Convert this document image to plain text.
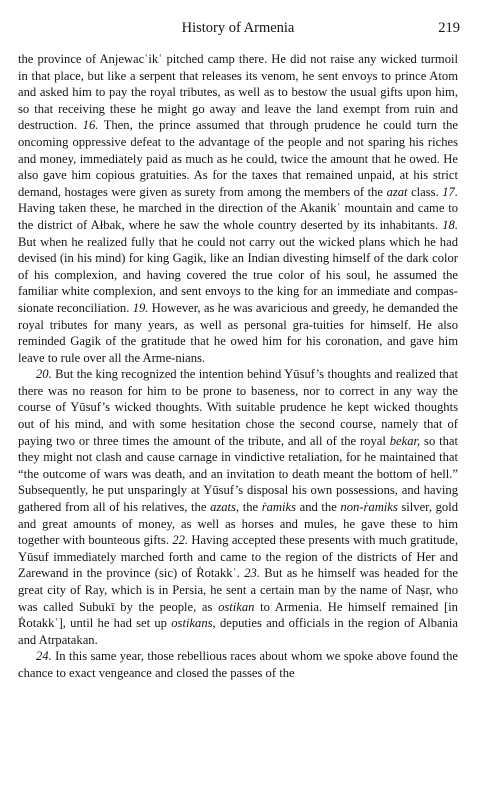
History of Armenia	219

the province of Anjewacʿikʿ pitched camp there. He did not raise any wicked turmoil in that place, but like a serpent that releases its venom, he sent envoys to prince Atom and asked him to pay the royal tributes, as well as to bestow the usual gifts upon him, so that receiving these he might go away and leave the land exempt from ruin and destruction. 16. Then, the prince assumed that through prudence he could turn the oncoming oppressive defeat to the advantage of the people and not sparing his riches and money, immediately paid as much as he could, twice the amount that he owed. He also gave him copious gratuities. As for the taxes that remained unpaid, at his strict demand, hostages were given as surety from among the members of the azat class. 17. Having taken these, he marched in the direction of the Akanikʿ mountain and came to the district of Ałbak, where he saw the whole country deserted by its inhabitants. 18. But when he realized fully that he could not carry out the wicked plans which he had devised (in his mind) for king Gagik, like an Indian divesting himself of the dark color of his complexion, and having covered the true color of his soul, he assumed the familiar white complexion, and sent envoys to the king for an immediate and compas-sionate reconciliation. 19. However, as he was avaricious and greedy, he demanded the royal tributes for many years, as well as personal gra-tuities for himself. He also reminded Gagik of the gratitude that he owed him for his coronation, and gave him leave to rule over all the Arme-nians.

20. But the king recognized the intention behind Yūsuf’s thoughts and realized that there was no reason for him to be prone to baseness, nor to correct in any way the course of Yūsuf’s wicked thoughts. With suitable prudence he kept wicked thoughts out of his mind, and with some hesitation chose the second course, namely that of paying two or three times the amount of the tribute, and all of the royal bekar, so that they might not clash and cause carnage in vindictive retaliation, for he maintained that “the outcome of wars was death, and an invitation to death meant the bottom of hell.” Subsequently, he put unsparingly at Yūsuf’s disposal his own possessions, and having gathered from all of his relatives, the azats, the ṙamiks and the non-ṙamiks silver, gold and great amounts of money, as well as horses and mules, he gave these to him together with bounteous gifts. 22. Having accepted these presents with much gratitude, Yūsuf immediately marched forth and came to the region of the districts of Her and Zarewand in the province (sic) of Ṙotakkʿ. 23. But as he himself was headed for the great city of Ray, which is in Persia, he sent a certain man by the name of Naṣr, who was called Subukī by the people, as ostikan to Armenia. He himself remained [in Ṙotakkʿ], until he had set up ostikans, deputies and officials in the region of Albania and Atrpatakan.

24. In this same year, those rebellious races about whom we spoke above found the chance to exact vengeance and closed the passes of the
